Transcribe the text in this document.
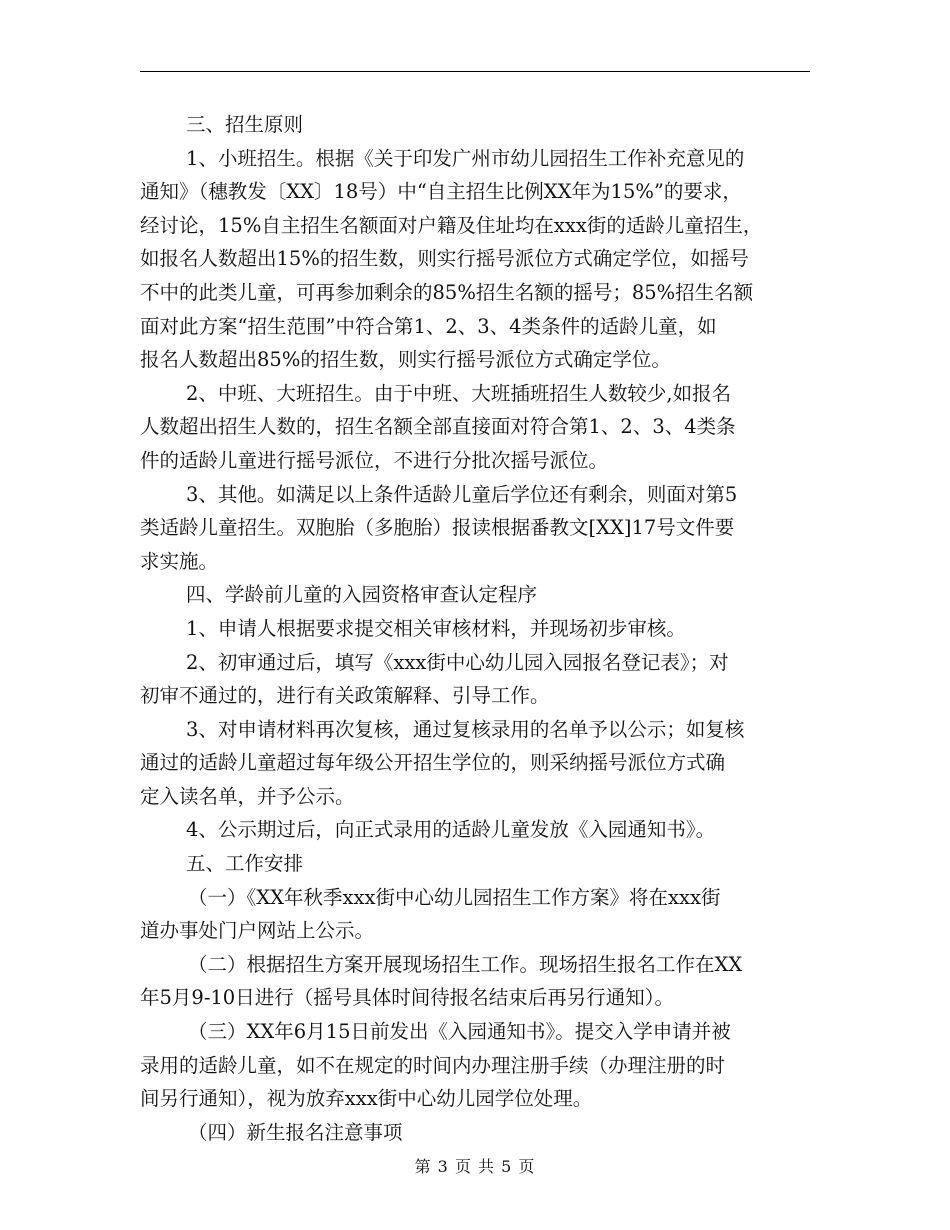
三、招生原则
1、小班招生。根据《关于印发广州市幼儿园招生工作补充意见的
通知》（穗教发〔XX〕18号）中“自主招生比例XX年为15%”的要求，
经讨论，15%自主招生名额面对户籍及住址均在xxx街的适龄儿童招生，
如报名人数超出15%的招生数，则实行摇号派位方式确定学位，如摇号
不中的此类儿童，可再参加剩余的85%招生名额的摇号；85%招生名额
面对此方案“招生范围”中符合第1、2、3、4类条件的适龄儿童，如
报名人数超出85%的招生数，则实行摇号派位方式确定学位。
2、中班、大班招生。由于中班、大班插班招生人数较少,如报名
人数超出招生人数的，招生名额全部直接面对符合第1、2、3、4类条
件的适龄儿童进行摇号派位，不进行分批次摇号派位。
3、其他。如满足以上条件适龄儿童后学位还有剩余，则面对第5
类适龄儿童招生。双胞胎（多胞胎）报读根据番教文[XX]17号文件要
求实施。
四、学龄前儿童的入园资格审查认定程序
1、申请人根据要求提交相关审核材料，并现场初步审核。
2、初审通过后，填写《xxx街中心幼儿园入园报名登记表》；对
初审不通过的，进行有关政策解释、引导工作。
3、对申请材料再次复核，通过复核录用的名单予以公示；如复核
通过的适龄儿童超过每年级公开招生学位的，则采纳摇号派位方式确
定入读名单，并予公示。
4、公示期过后，向正式录用的适龄儿童发放《入园通知书》。
五、工作安排
（一）《XX年秋季xxx街中心幼儿园招生工作方案》将在xxx街
道办事处门户网站上公示。
（二）根据招生方案开展现场招生工作。现场招生报名工作在XX
年5月9-10日进行（摇号具体时间待报名结束后再另行通知）。
（三）XX年6月15日前发出《入园通知书》。提交入学申请并被
录用的适龄儿童，如不在规定的时间内办理注册手续（办理注册的时
间另行通知），视为放弃xxx街中心幼儿园学位处理。
（四）新生报名注意事项
第 3 页 共 5 页
